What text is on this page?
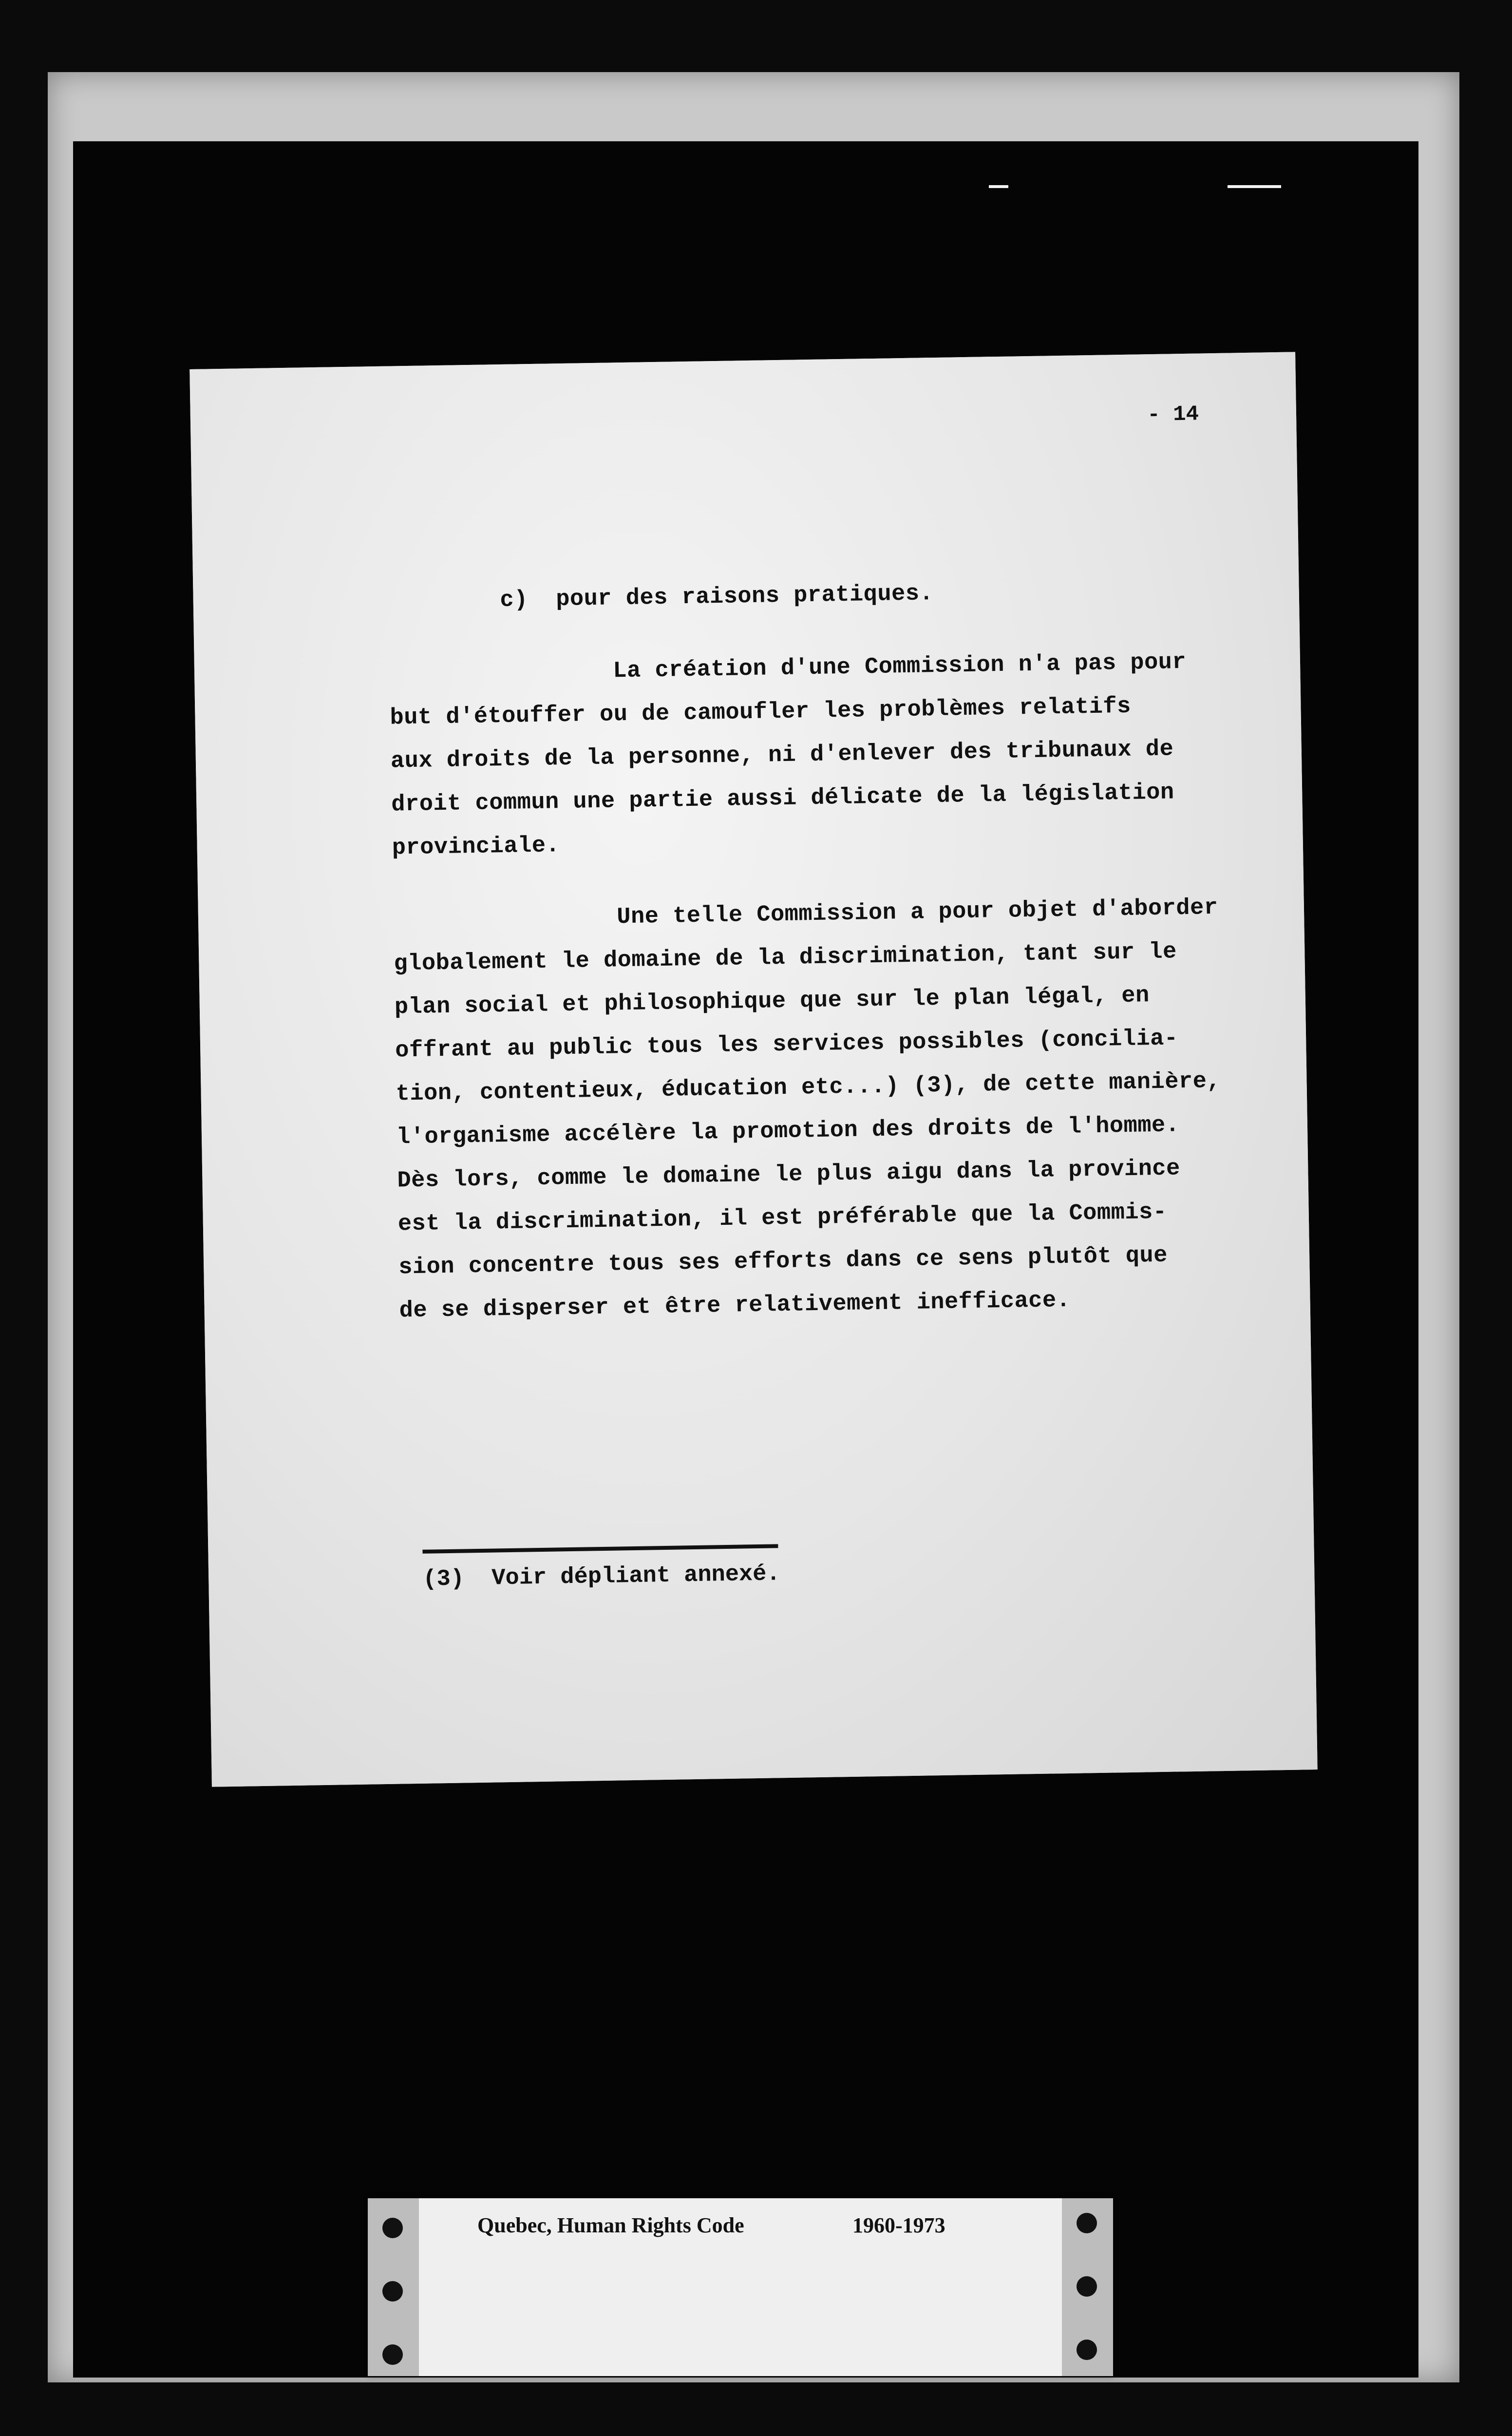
- 14
c)  pour des raisons pratiques.
La création d'une Commission n'a pas pour
but d'étouffer ou de camoufler les problèmes relatifs
aux droits de la personne, ni d'enlever des tribunaux de
droit commun une partie aussi délicate de la législation
provinciale.
Une telle Commission a pour objet d'aborder
globalement le domaine de la discrimination, tant sur le
plan social et philosophique que sur le plan légal, en
offrant au public tous les services possibles (concilia-
tion, contentieux, éducation etc...) (3), de cette manière,
l'organisme accélère la promotion des droits de l'homme.
Dès lors, comme le domaine le plus aigu dans la province
est la discrimination, il est préférable que la Commis-
sion concentre tous ses efforts dans ce sens plutôt que
de se disperser et être relativement inefficace.
(3)  Voir dépliant annexé.
Quebec, Human Rights Code	1960-1973
